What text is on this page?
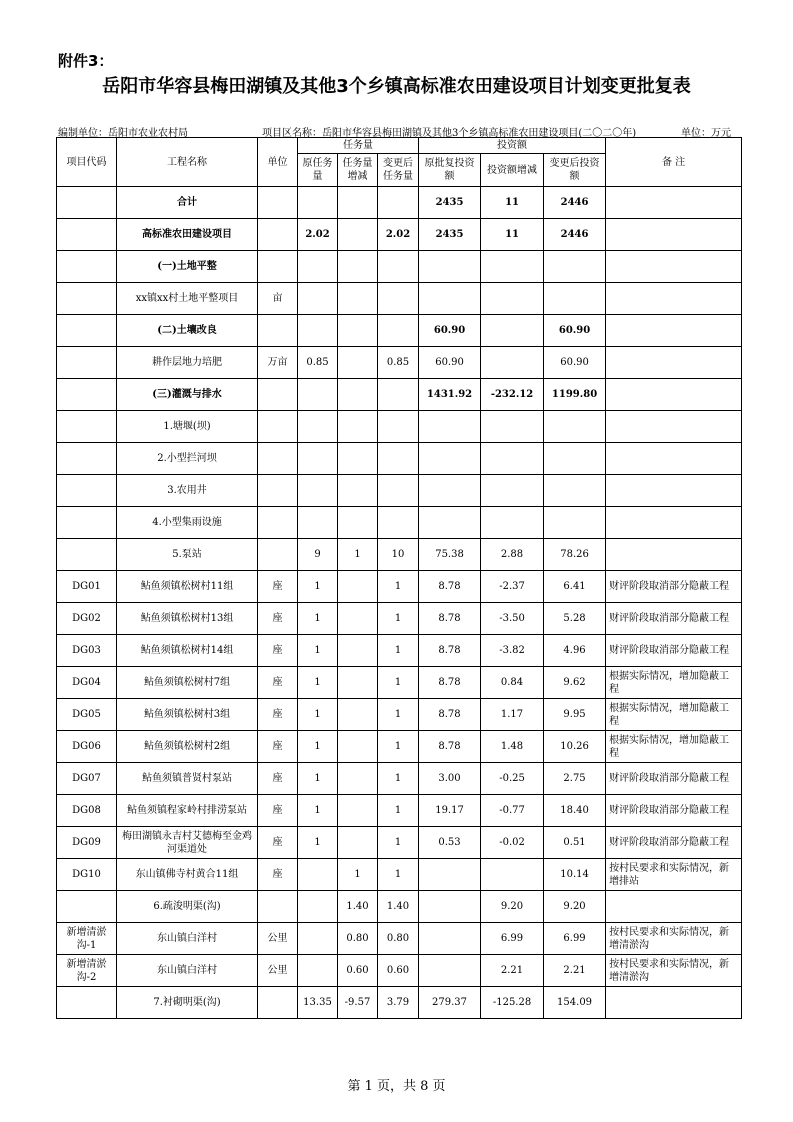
附件3：
岳阳市华容县梅田湖镇及其他3个乡镇高标准农田建设项目计划变更批复表
编制单位：岳阳市农业农村局	项目区名称：岳阳市华容县梅田湖镇及其他3个乡镇高标准农田建设项目(二〇二〇年)	单位：万元
项目代码	工程名称	单位	任务量			投资额			备 注
			原任务量	任务量增减	变更后任务量	原批复投资额	投资额增减	变更后投资额	
	合计					2435	11	2446	
	高标准农田建设项目		2.02		2.02	2435	11	2446	
	(一)土地平整								
	xx镇xx村土地平整项目	亩							
	(二)土壤改良					60.90		60.90	
	耕作层地力培肥	万亩	0.85		0.85	60.90		60.90	
	(三)灌溉与排水					1431.92	-232.12	1199.80	
	1.塘堰(坝)								
	2.小型拦河坝								
	3.农用井								
	4.小型集雨设施								
	5.泵站		9	1	10	75.38	2.88	78.26	
DG01	鲇鱼须镇松树村11组	座	1		1	8.78	-2.37	6.41	财评阶段取消部分隐蔽工程
DG02	鲇鱼须镇松树村13组	座	1		1	8.78	-3.50	5.28	财评阶段取消部分隐蔽工程
DG03	鲇鱼须镇松树村14组	座	1		1	8.78	-3.82	4.96	财评阶段取消部分隐蔽工程
DG04	鲇鱼须镇松树村7组	座	1		1	8.78	0.84	9.62	根据实际情况，增加隐蔽工程
DG05	鲇鱼须镇松树村3组	座	1		1	8.78	1.17	9.95	根据实际情况，增加隐蔽工程
DG06	鲇鱼须镇松树村2组	座	1		1	8.78	1.48	10.26	根据实际情况，增加隐蔽工程
DG07	鲇鱼须镇普贤村泵站	座	1		1	3.00	-0.25	2.75	财评阶段取消部分隐蔽工程
DG08	鲇鱼须镇程家岭村排涝泵站	座	1		1	19.17	-0.77	18.40	财评阶段取消部分隐蔽工程
DG09	梅田湖镇永吉村艾德梅至金鸡河渠道处	座	1		1	0.53	-0.02	0.51	财评阶段取消部分隐蔽工程
DG10	东山镇佛寺村黄合11组	座		1	1			10.14	按村民要求和实际情况，新增排站
	6.疏浚明渠(沟)			1.40	1.40		9.20	9.20	
新增清淤沟-1	东山镇白洋村	公里		0.80	0.80		6.99	6.99	按村民要求和实际情况，新增清淤沟
新增清淤沟-2	东山镇白洋村	公里		0.60	0.60		2.21	2.21	按村民要求和实际情况，新增清淤沟
	7.衬砌明渠(沟)		13.35	-9.57	3.79	279.37	-125.28	154.09	
第 1 页，共 8 页
